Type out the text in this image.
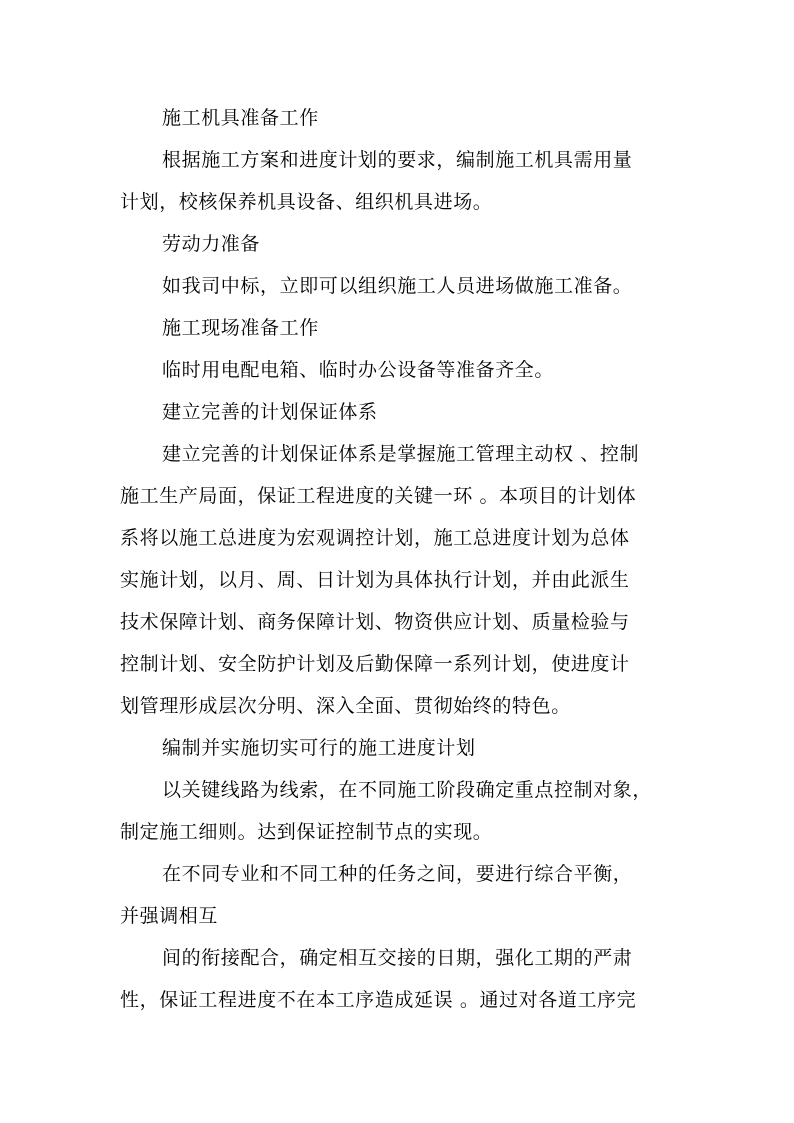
施工机具准备工作
根据施工方案和进度计划的要求，编制施工机具需用量
计划，校核保养机具设备、组织机具进场。
劳动力准备
如我司中标，立即可以组织施工人员进场做施工准备。
施工现场准备工作
临时用电配电箱、临时办公设备等准备齐全。
建立完善的计划保证体系
建立完善的计划保证体系是掌握施工管理主动权 、控制
施工生产局面，保证工程进度的关键一环 。本项目的计划体
系将以施工总进度为宏观调控计划，施工总进度计划为总体
实施计划，以月、周、日计划为具体执行计划，并由此派生
技术保障计划、商务保障计划、物资供应计划、质量检验与
控制计划、安全防护计划及后勤保障一系列计划，使进度计
划管理形成层次分明、深入全面、贯彻始终的特色。
编制并实施切实可行的施工进度计划
以关键线路为线索，在不同施工阶段确定重点控制对象，
制定施工细则。达到保证控制节点的实现。
在不同专业和不同工种的任务之间，要进行综合平衡，
并强调相互
间的衔接配合，确定相互交接的日期，强化工期的严肃
性，保证工程进度不在本工序造成延误 。通过对各道工序完
